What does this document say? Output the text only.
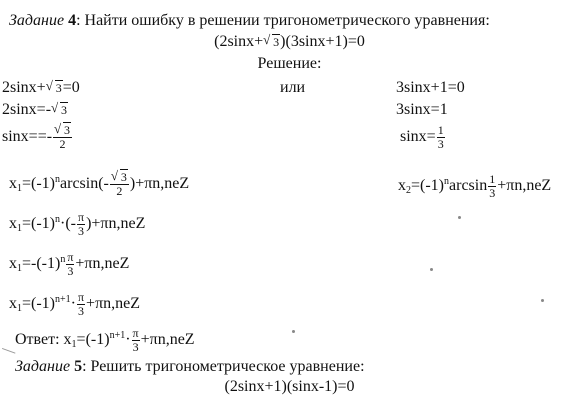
Задание 4: Найти ошибку в решении тригонометрического уравнения:
(2sinx+ √ 3)(3sinx+1)=0
Решение:
2sinx+ √ 3=0	или	3sinx+1=0
2sinx=- √ 3	3sinx=1
sinx==- √ $\frac{3}{2}$	$\sin x= \frac{1}{3}$
$x_1=(-1)^n\arcsin(-$ √ $\frac{3}{2} )+\pi n,neZ$	$x_2=(-1)^n\arcsin \frac{1}{3} +\pi n,neZ$
$x_1=(-1)^n\cdot(- \frac{\pi}{3} )+\pi n,neZ$
$x_1=-(-1)^n \frac{\pi}{3} +\pi n,neZ$
$x_1=(-1)^{n+1}\cdot \frac{\pi}{3} +\pi n,neZ$
Ответ: $x_1=(-1)^{n+1}\cdot \frac{\pi}{3} +\pi n,neZ$
Задание 5: Решить тригонометрическое уравнение:
(2sinx+1)(sinx-1)=0
